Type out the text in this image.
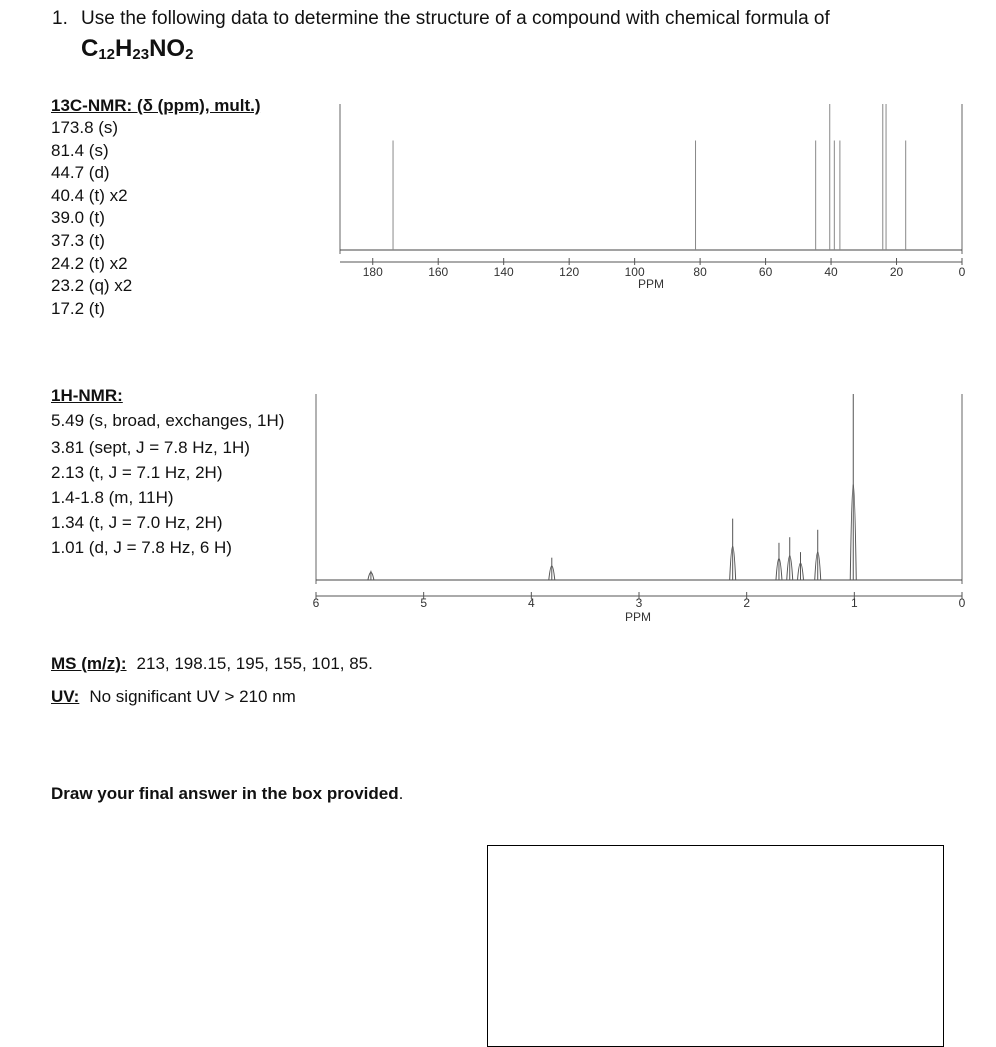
1. Use the following data to determine the structure of a compound with chemical formula of
$C_{12}H_{23}NO_2$
13C-NMR: (δ (ppm), mult.)
173.8 (s)
81.4 (s)
44.7 (d)
40.4 (t) x2
39.0 (t)
37.3 (t)
24.2 (t) x2
23.2 (q) x2
17.2 (t)
1H-NMR:
5.49 (s, broad, exchanges, 1H)
3.81 (sept, J = 7.8 Hz, 1H)
2.13 (t, J = 7.1 Hz, 2H)
1.4-1.8 (m, 11H)
1.34 (t, J = 7.0 Hz, 2H)
1.01 (d, J = 7.8 Hz, 6 H)
MS (m/z): 213, 198.15, 195, 155, 101, 85.
UV: No significant UV > 210 nm
Draw your final answer in the box provided.
180	160	140	120	100	80	60	40	20	0
PPM
6	5	4	3	2	1	0
PPM
